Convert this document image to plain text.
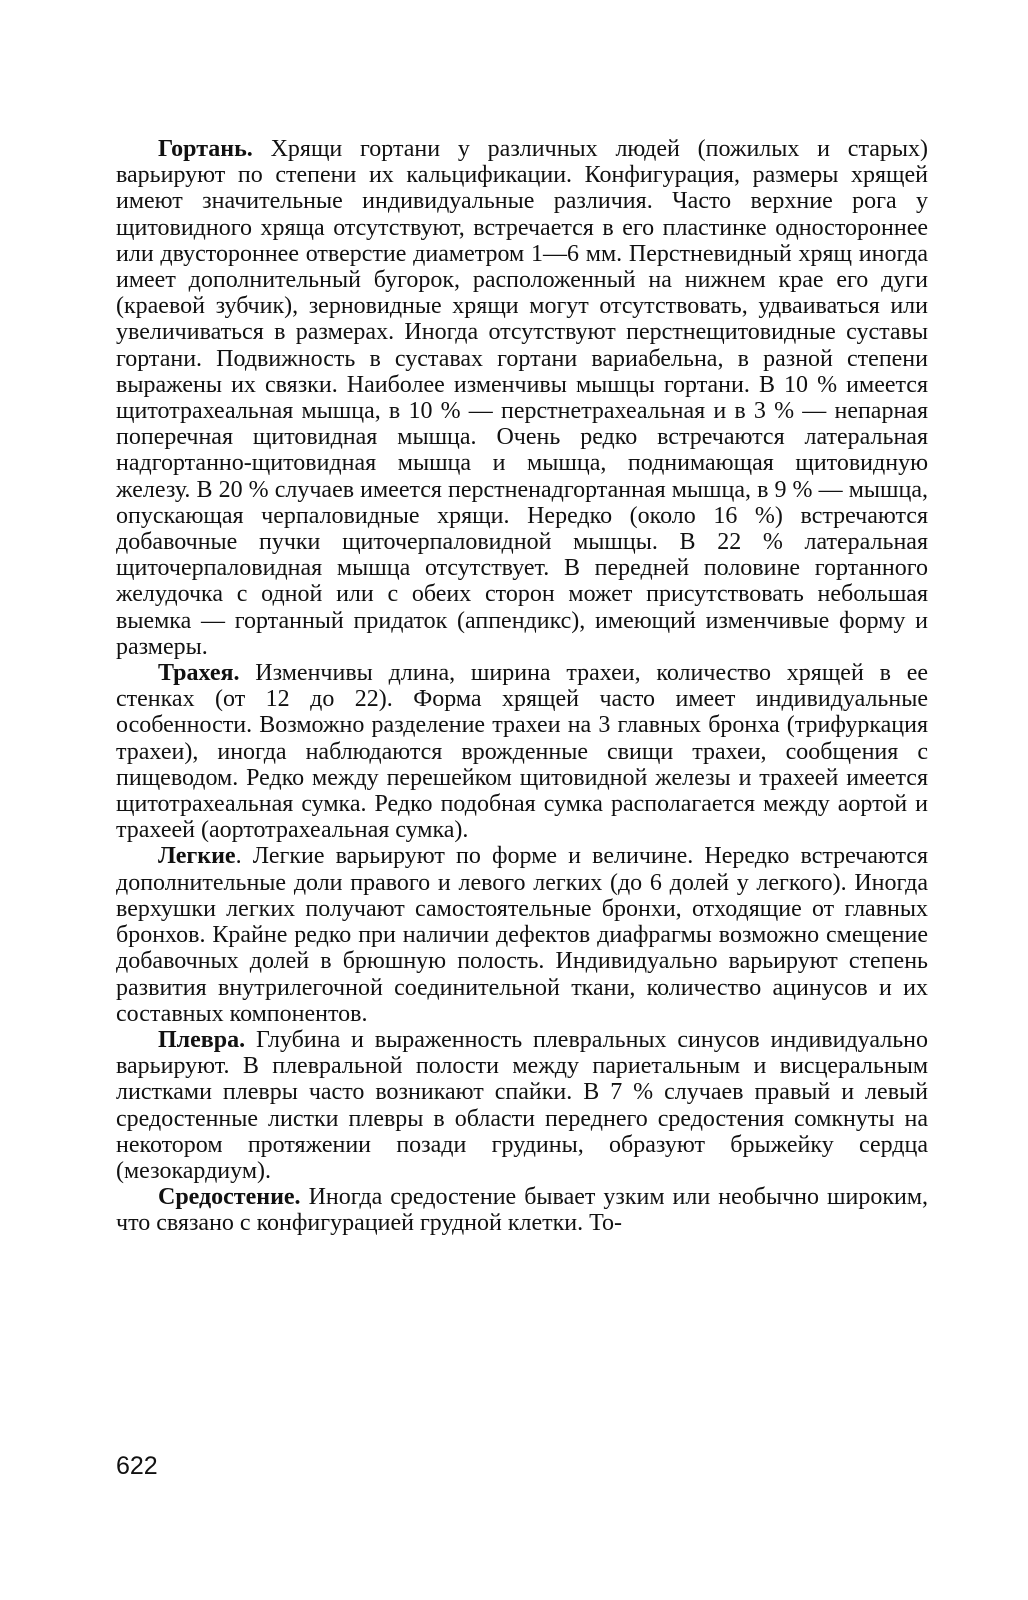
Гортань. Хрящи гортани у различных людей (пожилых и старых) варьируют по степени их кальцификации. Конфигурация, размеры хрящей имеют значительные индивидуальные различия. Часто верхние рога у щитовидного хряща отсутствуют, встречается в его пластинке одностороннее или двустороннее отверстие диаметром 1—6 мм. Перстневидный хрящ иногда имеет дополнительный бугорок, расположенный на нижнем крае его дуги (краевой зубчик), зерновидные хрящи могут отсутствовать, удваиваться или увеличиваться в размерах. Иногда отсутствуют перстнещитовидные суставы гортани. Подвижность в суставах гортани вариабельна, в разной степени выражены их связки. Наиболее изменчивы мышцы гортани. В 10 % имеется щитотрахеальная мышца, в 10 % — перстнетрахеальная и в 3 % — непарная поперечная щитовидная мышца. Очень редко встречаются латеральная надгортанно-щитовидная мышца и мышца, поднимающая щитовидную железу. В 20 % случаев имеется перстненадгортанная мышца, в 9 % — мышца, опускающая черпаловидные хрящи. Нередко (около 16 %) встречаются добавочные пучки щиточерпаловидной мышцы. В 22 % латеральная щиточерпаловидная мышца отсутствует. В передней половине гортанного желудочка с одной или с обеих сторон может присутствовать небольшая выемка — гортанный придаток (аппендикс), имеющий изменчивые форму и размеры.

Трахея. Изменчивы длина, ширина трахеи, количество хрящей в ее стенках (от 12 до 22). Форма хрящей часто имеет индивидуальные особенности. Возможно разделение трахеи на 3 главных бронха (трифуркация трахеи), иногда наблюдаются врожденные свищи трахеи, сообщения с пищеводом. Редко между перешейком щитовидной железы и трахеей имеется щитотрахеальная сумка. Редко подобная сумка располагается между аортой и трахеей (аортотрахеальная сумка).

Легкие. Легкие варьируют по форме и величине. Нередко встречаются дополнительные доли правого и левого легких (до 6 долей у легкого). Иногда верхушки легких получают самостоятельные бронхи, отходящие от главных бронхов. Крайне редко при наличии дефектов диафрагмы возможно смещение добавочных долей в брюшную полость. Индивидуально варьируют степень развития внутрилегочной соединительной ткани, количество ацинусов и их составных компонентов.

Плевра. Глубина и выраженность плевральных синусов индивидуально варьируют. В плевральной полости между париетальным и висцеральным листками плевры часто возникают спайки. В 7 % случаев правый и левый средостенные листки плевры в области переднего средостения сомкнуты на некотором протяжении позади грудины, образуют брыжейку сердца (мезокардиум).

Средостение. Иногда средостение бывает узким или необычно широким, что связано с конфигурацией грудной клетки. То-

622
